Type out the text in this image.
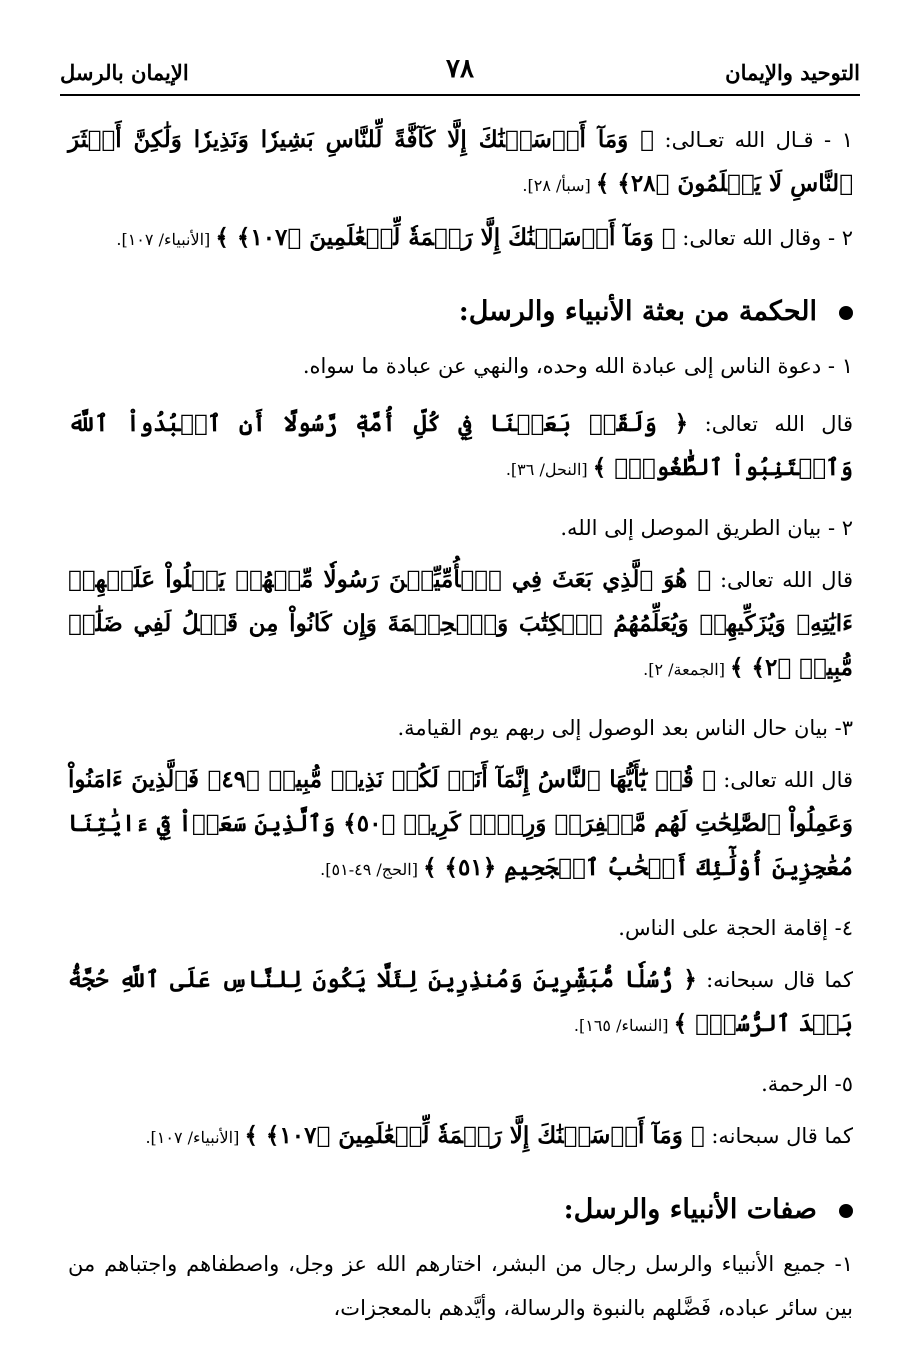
التوحيد والإيمان
٧٨
الإيمان بالرسل

١ - قـال الله تعـالى: ﴿ وَمَآ أَرۡسَلۡنَٰكَ إِلَّا كَآفَّةً لِّلنَّاسِ بَشِيرٗا وَنَذِيرٗا وَلَٰكِنَّ أَكۡثَرَ ٱلنَّاسِ لَا يَعۡلَمُونَ ﴿٢٨﴾ ﴾ [سبأ/ ٢٨].

٢ - وقال الله تعالى: ﴿ وَمَآ أَرۡسَلۡنَٰكَ إِلَّا رَحۡمَةٗ لِّلۡعَٰلَمِينَ ﴿١٠٧﴾ ﴾ [الأنبياء/ ١٠٧].

الحكمة من بعثة الأنبياء والرسل:

١ - دعوة الناس إلى عبادة الله وحده، والنهي عن عبادة ما سواه.

قال الله تعالى: ﴿ وَلَقَدۡ بَعَثۡنَا فِي كُلِّ أُمَّةٖ رَّسُولًا أَنِ ٱعۡبُدُواْ ٱللَّهَ وَٱجۡتَنِبُواْ ٱلطَّٰغُوتَۖ ﴾ [النحل/ ٣٦].

٢ - بيان الطريق الموصل إلى الله.

قال الله تعالى: ﴿ هُوَ ٱلَّذِي بَعَثَ فِي ٱلۡأُمِّيِّـۧنَ رَسُولٗا مِّنۡهُمۡ يَتۡلُواْ عَلَيۡهِمۡ ءَايَٰتِهِۦ وَيُزَكِّيهِمۡ وَيُعَلِّمُهُمُ ٱلۡكِتَٰبَ وَٱلۡحِكۡمَةَ وَإِن كَانُواْ مِن قَبۡلُ لَفِي ضَلَٰلٖ مُّبِينٖ ﴿٢﴾ ﴾ [الجمعة/ ٢].

٣- بيان حال الناس بعد الوصول إلى ربهم يوم القيامة.

قال الله تعالى: ﴿ قُلۡ يَٰٓأَيُّهَا ٱلنَّاسُ إِنَّمَآ أَنَا۠ لَكُمۡ نَذِيرٞ مُّبِينٞ ﴿٤٩﴾ فَٱلَّذِينَ ءَامَنُواْ وَعَمِلُواْ ٱلصَّٰلِحَٰتِ لَهُم مَّغۡفِرَةٞ وَرِزۡقٞ كَرِيمٞ ﴿٥٠﴾ وَٱلَّذِينَ سَعَوۡاْ فِيٓ ءَايَٰتِنَا مُعَٰجِزِينَ أُوْلَٰٓئِكَ أَصۡحَٰبُ ٱلۡجَحِيمِ ﴿٥١﴾ ﴾ [الحج/ ٤٩-٥١].

٤- إقامة الحجة على الناس.

كما قال سبحانه: ﴿ رُّسُلٗا مُّبَشِّرِينَ وَمُنذِرِينَ لِئَلَّا يَكُونَ لِلنَّاسِ عَلَى ٱللَّهِ حُجَّةُۢ بَعۡدَ ٱلرُّسُلِۚ ﴾ [النساء/ ١٦٥].

٥- الرحمة.

كما قال سبحانه: ﴿ وَمَآ أَرۡسَلۡنَٰكَ إِلَّا رَحۡمَةٗ لِّلۡعَٰلَمِينَ ﴿١٠٧﴾ ﴾ [الأنبياء/ ١٠٧].

صفات الأنبياء والرسل:

١- جميع الأنبياء والرسل رجال من البشر، اختارهم الله عز وجل، واصطفاهم واجتباهم من بين سائر عباده، فَضَّلهم بالنبوة والرسالة، وأيَّدهم بالمعجزات،
